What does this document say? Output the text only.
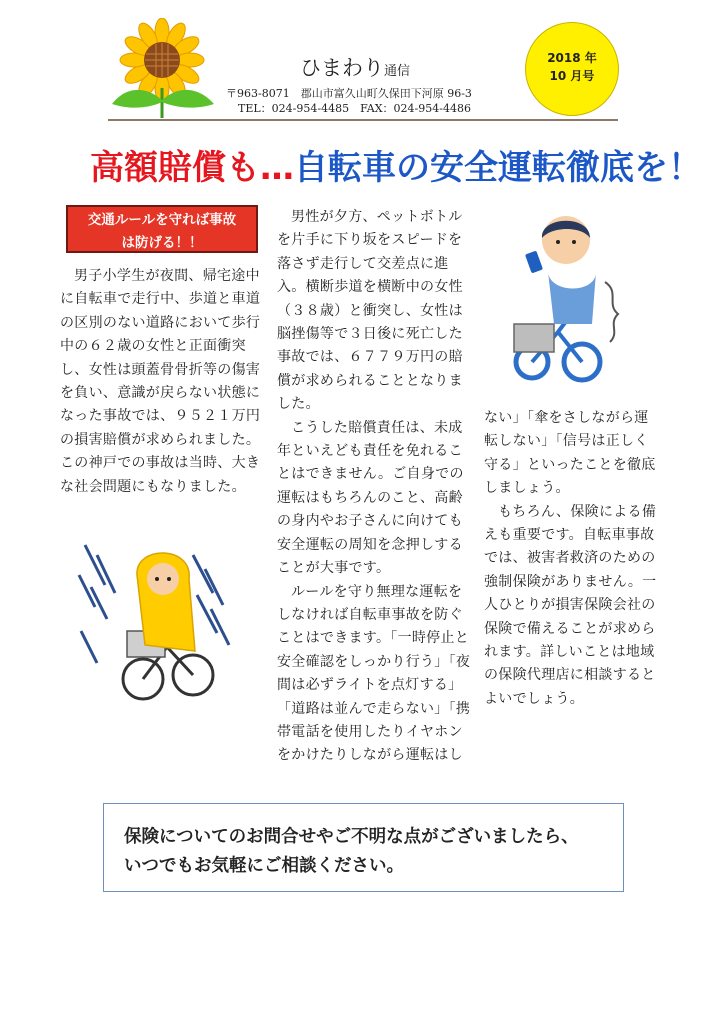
ひまわり通信
〒963-8071　郡山市富久山町久保田下河原 96-3
TEL：024-954-4485　FAX：024-954-4486
2018 年
10 月号
高額賠償も…自転車の安全運転徹底を！
交通ルールを守れば事故
は防げる！！

男子小学生が夜間、帰宅途中に自転車で走行中、歩道と車道の区別のない道路において歩行中の６２歳の女性と正面衝突し、女性は頭蓋骨骨折等の傷害を負い、意識が戻らない状態になった事故では、９５２１万円の損害賠償が求められました。この神戸での事故は当時、大きな社会問題にもなりました。

男性が夕方、ペットボトルを片手に下り坂をスピードを落さず走行して交差点に進入。横断歩道を横断中の女性（３８歳）と衝突し、女性は脳挫傷等で３日後に死亡した事故では、６７７９万円の賠償が求められることとなりました。

こうした賠償責任は、未成年といえども責任を免れることはできません。ご自身での運転はもちろんのこと、高齢の身内やお子さんに向けても安全運転の周知を念押しすることが大事です。

ルールを守り無理な運転をしなければ自転車事故を防ぐことはできます。「一時停止と安全確認をしっかり行う」「夜間は必ずライトを点灯する」「道路は並んで走らない」「携帯電話を使用したりイヤホンをかけたりしながら運転はし

ない」「傘をさしながら運転しない」「信号は正しく守る」といったことを徹底しましょう。

もちろん、保険による備えも重要です。自転車事故では、被害者救済のための強制保険がありません。一人ひとりが損害保険会社の保険で備えることが求められます。詳しいことは地域の保険代理店に相談するとよいでしょう。

保険についてのお問合せやご不明な点がございましたら、
いつでもお気軽にご相談ください。
